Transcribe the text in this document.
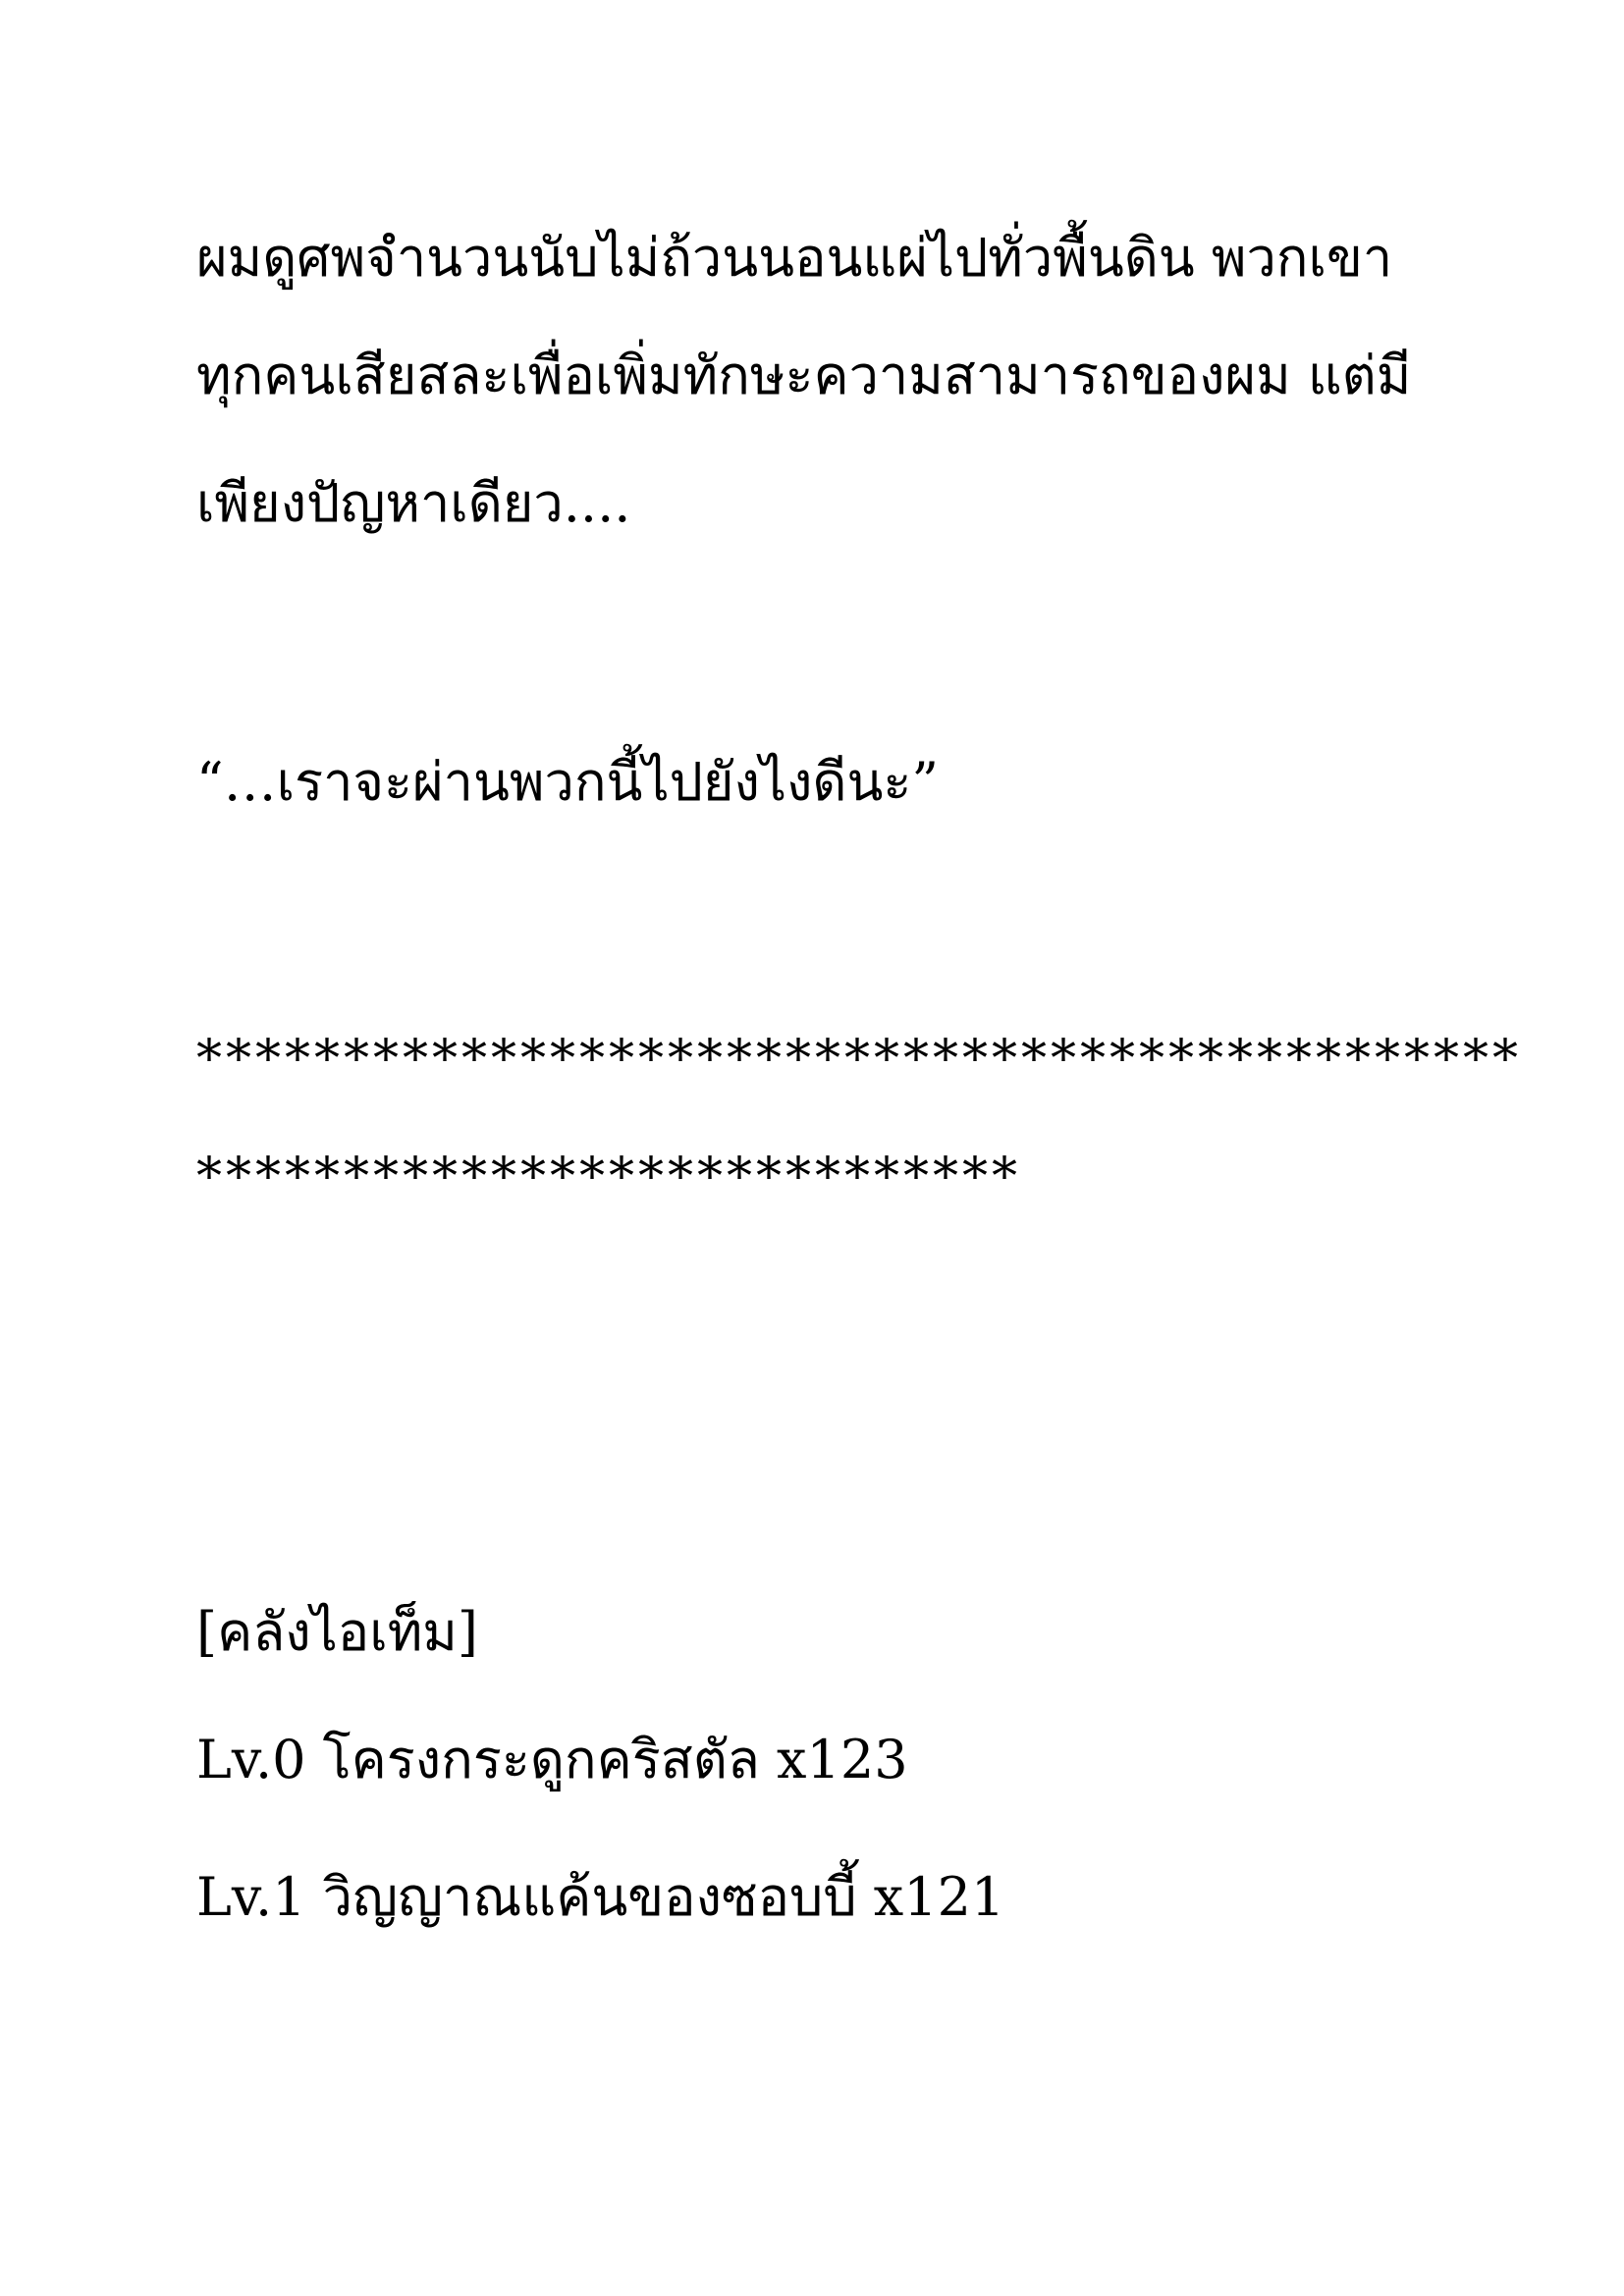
ผมดูศพจำนวนนับไม่ถ้วนนอนแผ่ไปทั่วพื้นดิน พวกเขา

ทุกคนเสียสละเพื่อเพิ่มทักษะความสามารถของผม แต่มี

เพียงปัญหาเดียว....

“…เราจะผ่านพวกนี้ไปยังไงดีนะ”

*********************************************

****************************

[คลังไอเท็ม]

Lv.0 โครงกระดูกคริสตัล x123

Lv.1 วิญญาณแค้นของซอบบี้ x121
